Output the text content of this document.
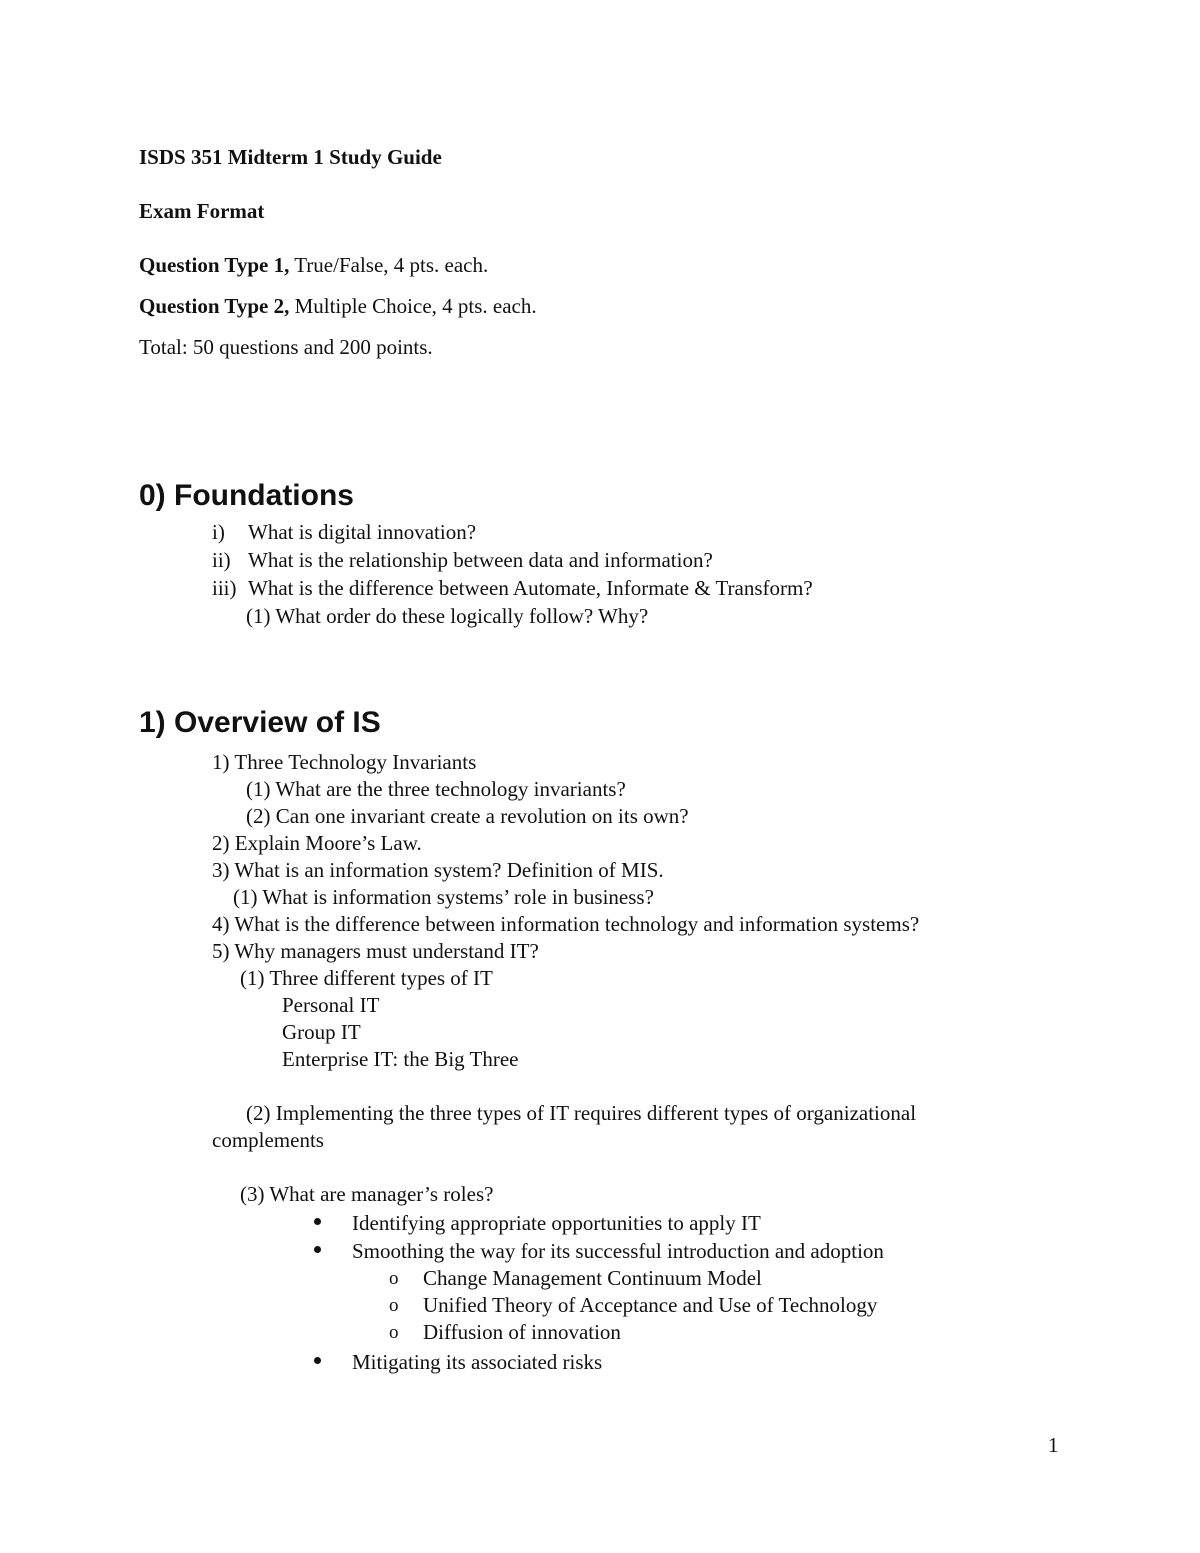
ISDS 351 Midterm 1 Study Guide
Exam Format
Question Type 1, True/False, 4 pts. each.
Question Type 2, Multiple Choice, 4 pts. each.
Total: 50 questions and 200 points.
0) Foundations
i) What is digital innovation?
ii) What is the relationship between data and information?
iii) What is the difference between Automate, Informate & Transform?
(1) What order do these logically follow? Why?
1) Overview of IS
1) Three Technology Invariants
(1) What are the three technology invariants?
(2) Can one invariant create a revolution on its own?
2) Explain Moore’s Law.
3) What is an information system? Definition of MIS.
(1) What is information systems’ role in business?
4) What is the difference between information technology and information systems?
5) Why managers must understand IT?
(1) Three different types of IT
Personal IT
Group IT
Enterprise IT: the Big Three
(2) Implementing the three types of IT requires different types of organizational
complements
(3) What are manager’s roles?
Identifying appropriate opportunities to apply IT
Smoothing the way for its successful introduction and adoption
o Change Management Continuum Model
o Unified Theory of Acceptance and Use of Technology
o Diffusion of innovation
Mitigating its associated risks
1
